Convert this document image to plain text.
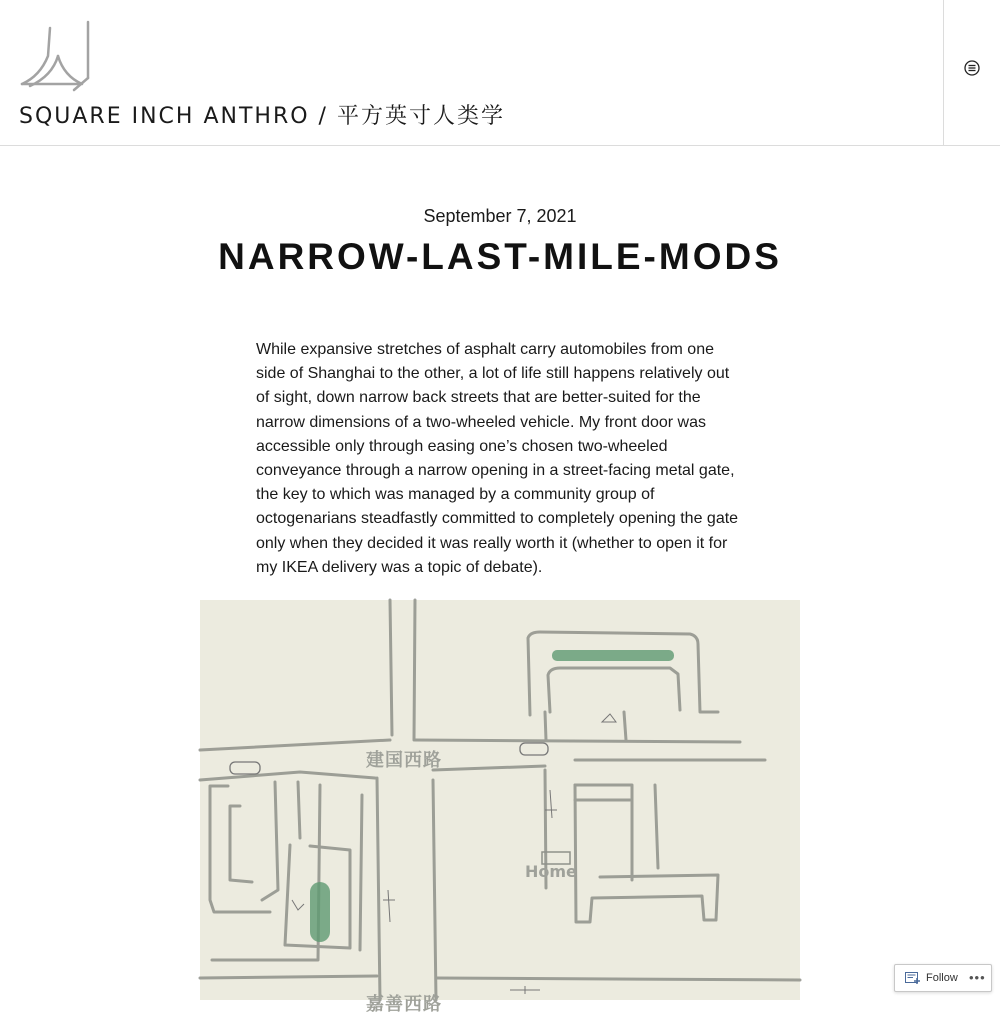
SQUARE INCH ANTHRO / 平方英寸人类学
September 7, 2021
NARROW-LAST-MILE-MODS

While expansive stretches of asphalt carry automobiles from one side of Shanghai to the other, a lot of life still happens relatively out of sight, down narrow back streets that are better-suited for the narrow dimensions of a two-wheeled vehicle. My front door was accessible only through easing one’s chosen two-wheeled conveyance through a narrow opening in a street-facing metal gate, the key to which was managed by a community group of octogenarians steadfastly committed to completely opening the gate only when they decided it was really worth it (whether to open it for my IKEA delivery was a topic of debate).

建国西路
Home
嘉善西路
Follow •••
